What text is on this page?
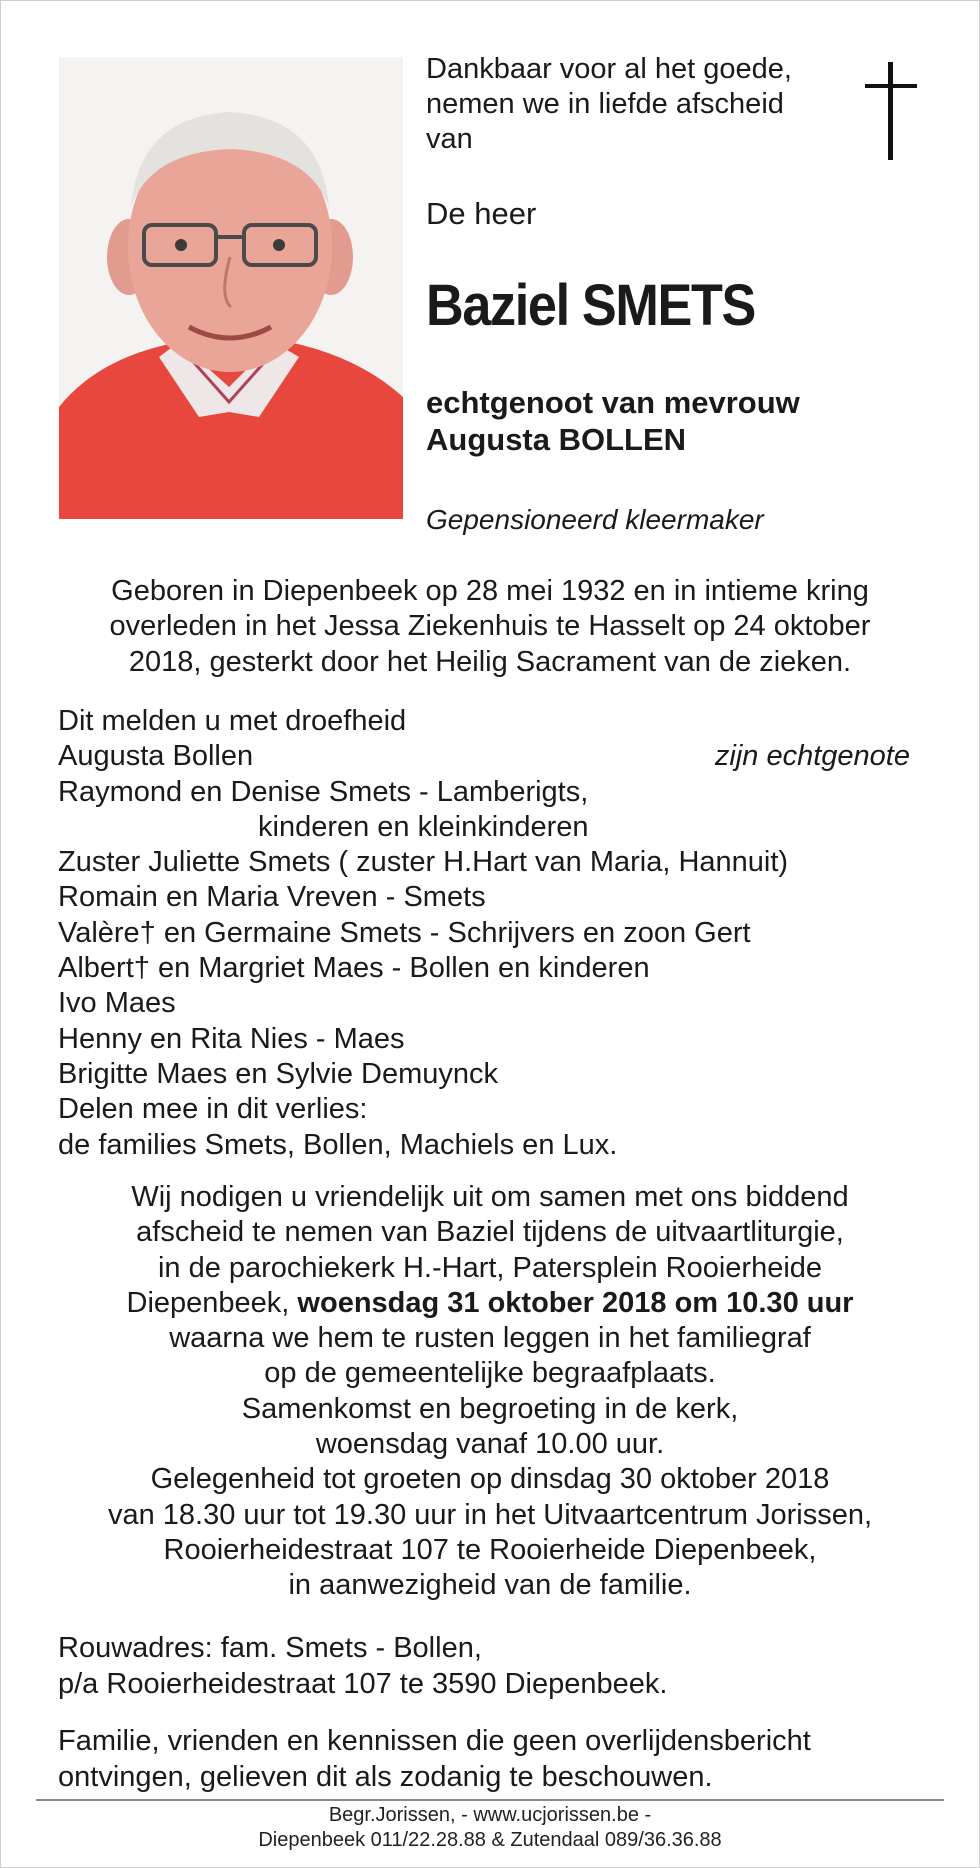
Dankbaar voor al het goede,
nemen we in liefde afscheid
van
De heer
Baziel SMETS
echtgenoot van mevrouw
Augusta BOLLEN
Gepensioneerd kleermaker
Geboren in Diepenbeek op 28 mei 1932 en in intieme kring
overleden in het Jessa Ziekenhuis te Hasselt op 24 oktober
2018, gesterkt door het Heilig Sacrament van de zieken.
Dit melden u met droefheid
Augusta Bollen	zijn echtgenote
Raymond en Denise Smets - Lamberigts,
kinderen en kleinkinderen
Zuster Juliette Smets ( zuster H.Hart van Maria, Hannuit)
Romain en Maria Vreven - Smets
Valère† en Germaine Smets - Schrijvers en zoon Gert
Albert† en Margriet Maes - Bollen en kinderen
Ivo Maes
Henny en Rita Nies - Maes
Brigitte Maes en Sylvie Demuynck
Delen mee in dit verlies:
de families Smets, Bollen, Machiels en Lux.
Wij nodigen u vriendelijk uit om samen met ons biddend
afscheid te nemen van Baziel tijdens de uitvaartliturgie,
in de parochiekerk H.-Hart, Patersplein Rooierheide
Diepenbeek, woensdag 31 oktober 2018 om 10.30 uur
waarna we hem te rusten leggen in het familiegraf
op de gemeentelijke begraafplaats.
Samenkomst en begroeting in de kerk,
woensdag vanaf 10.00 uur.
Gelegenheid tot groeten op dinsdag 30 oktober 2018
van 18.30 uur tot 19.30 uur in het Uitvaartcentrum Jorissen,
Rooierheidestraat 107 te Rooierheide Diepenbeek,
in aanwezigheid van de familie.
Rouwadres: fam. Smets - Bollen,
p/a Rooierheidestraat 107 te 3590 Diepenbeek.
Familie, vrienden en kennissen die geen overlijdensbericht
ontvingen, gelieven dit als zodanig te beschouwen.
Begr.Jorissen, - www.ucjorissen.be -
Diepenbeek 011/22.28.88 & Zutendaal 089/36.36.88
